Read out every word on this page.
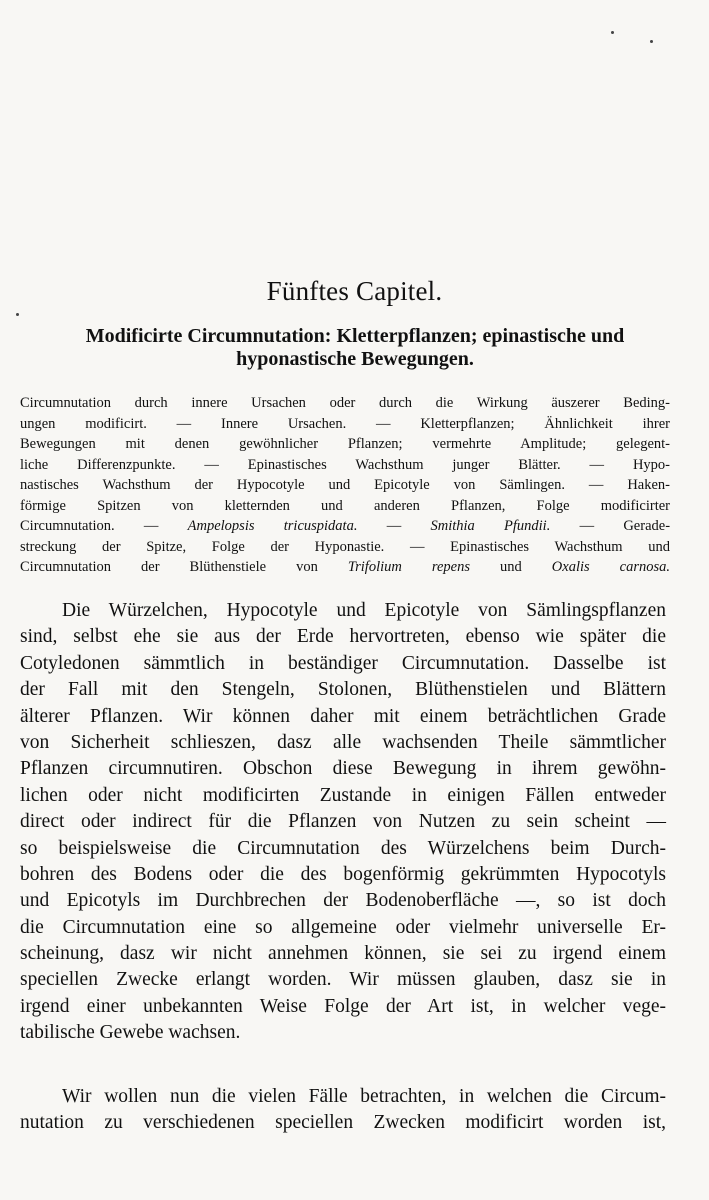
Fünftes Capitel.
Modificirte Circumnutation: Kletterpflanzen; epinastische und
hyponastische Bewegungen.
Circumnutation durch innere Ursachen oder durch die Wirkung äuszerer Beding-
ungen modificirt. — Innere Ursachen. — Kletterpflanzen; Ähnlichkeit ihrer
Bewegungen mit denen gewöhnlicher Pflanzen; vermehrte Amplitude; gelegent-
liche Differenzpunkte. — Epinastisches Wachsthum junger Blätter. — Hypo-
nastisches Wachsthum der Hypocotyle und Epicotyle von Sämlingen. — Haken-
förmige Spitzen von kletternden und anderen Pflanzen, Folge modificirter
Circumnutation. — Ampelopsis tricuspidata. — Smithia Pfundii. — Gerade-
streckung der Spitze, Folge der Hyponastie. — Epinastisches Wachsthum und
Circumnutation der Blüthenstiele von Trifolium repens und Oxalis carnosa.
Die Würzelchen, Hypocotyle und Epicotyle von Sämlingspflanzen
sind, selbst ehe sie aus der Erde hervortreten, ebenso wie später die
Cotyledonen sämmtlich in beständiger Circumnutation. Dasselbe ist
der Fall mit den Stengeln, Stolonen, Blüthenstielen und Blättern
älterer Pflanzen. Wir können daher mit einem beträchtlichen Grade
von Sicherheit schlieszen, dasz alle wachsenden Theile sämmtlicher
Pflanzen circumnutiren. Obschon diese Bewegung in ihrem gewöhn-
lichen oder nicht modificirten Zustande in einigen Fällen entweder
direct oder indirect für die Pflanzen von Nutzen zu sein scheint —
so beispielsweise die Circumnutation des Würzelchens beim Durch-
bohren des Bodens oder die des bogenförmig gekrümmten Hypocotyls
und Epicotyls im Durchbrechen der Bodenoberfläche —, so ist doch
die Circumnutation eine so allgemeine oder vielmehr universelle Er-
scheinung, dasz wir nicht annehmen können, sie sei zu irgend einem
speciellen Zwecke erlangt worden. Wir müssen glauben, dasz sie in
irgend einer unbekannten Weise Folge der Art ist, in welcher vege-
tabilische Gewebe wachsen.
Wir wollen nun die vielen Fälle betrachten, in welchen die Circum-
nutation zu verschiedenen speciellen Zwecken modificirt worden ist,
